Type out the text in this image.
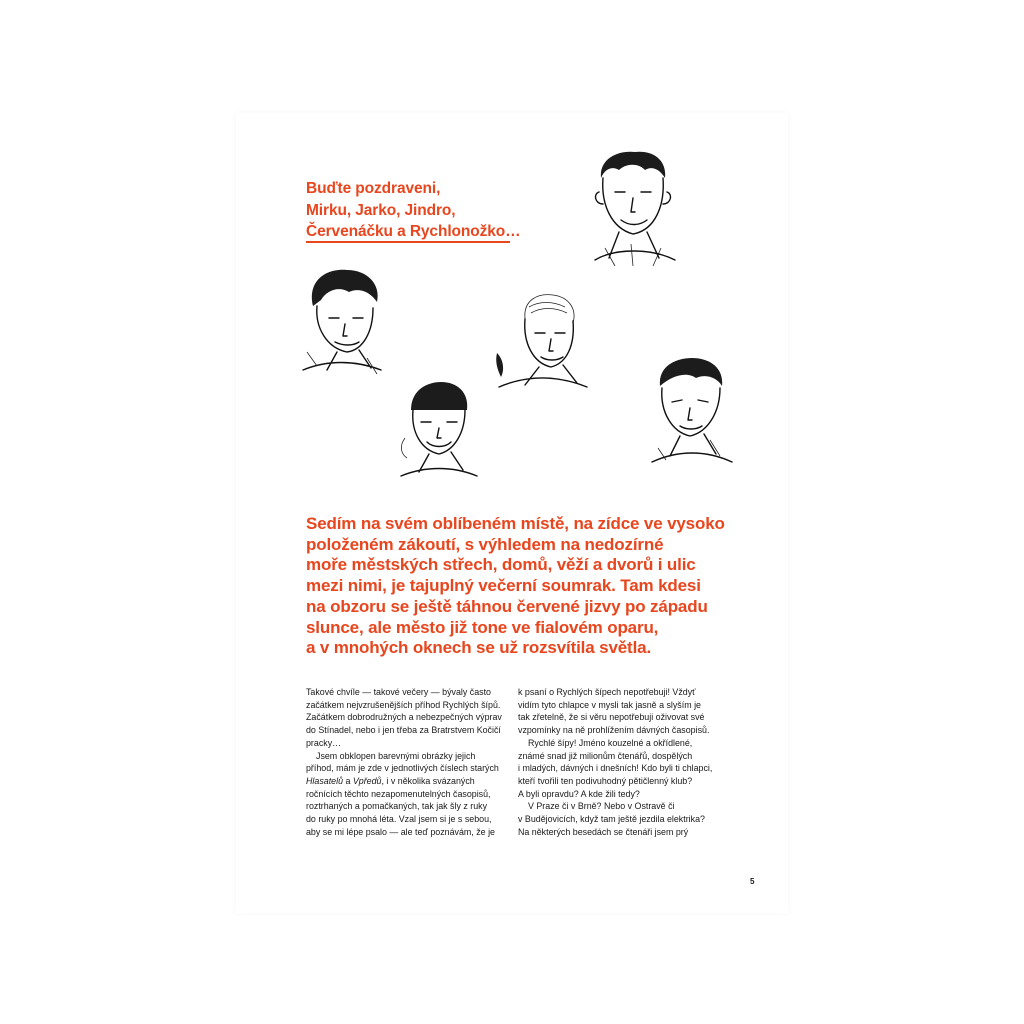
Buďte pozdraveni,
Mirku, Jarko, Jindro,
Červenáčku a Rychlonožko…
Sedím na svém oblíbeném místě, na zídce ve vysoko
položeném zákoutí, s výhledem na nedozírné
moře městských střech, domů, věží a dvorů i ulic
mezi nimi, je tajuplný večerní soumrak. Tam kdesi
na obzoru se ještě táhnou červené jizvy po západu
slunce, ale město již tone ve fialovém oparu,
a v mnohých oknech se už rozsvítila světla.
Takové chvíle — takové večery — bývaly často
začátkem nejvzrušenějších příhod Rychlých šípů.
Začátkem dobrodružných a nebezpečných výprav
do Stínadel, nebo i jen třeba za Bratrstvem Kočičí
pracky…
Jsem obklopen barevnými obrázky jejich
příhod, mám je zde v jednotlivých číslech starých
Hlasatelů a Vpředů, i v několika svázaných
ročnících těchto nezapomenutelných časopisů,
roztrhaných a pomačkaných, tak jak šly z ruky
do ruky po mnohá léta. Vzal jsem si je s sebou,
aby se mi lépe psalo — ale teď poznávám, že je
k psaní o Rychlých šípech nepotřebuji! Vždyť
vidím tyto chlapce v mysli tak jasně a slyším je
tak zřetelně, že si věru nepotřebuji oživovat své
vzpomínky na ně prohlížením dávných časopisů.
Rychlé šípy! Jméno kouzelné a okřídlené,
známé snad již milionům čtenářů, dospělých
i mladých, dávných i dnešních! Kdo byli ti chlapci,
kteří tvořili ten podivuhodný pětičlenný klub?
A byli opravdu? A kde žili tedy?
V Praze či v Brně? Nebo v Ostravě či
v Budějovicích, když tam ještě jezdila elektrika?
Na některých besedách se čtenáři jsem prý
5
